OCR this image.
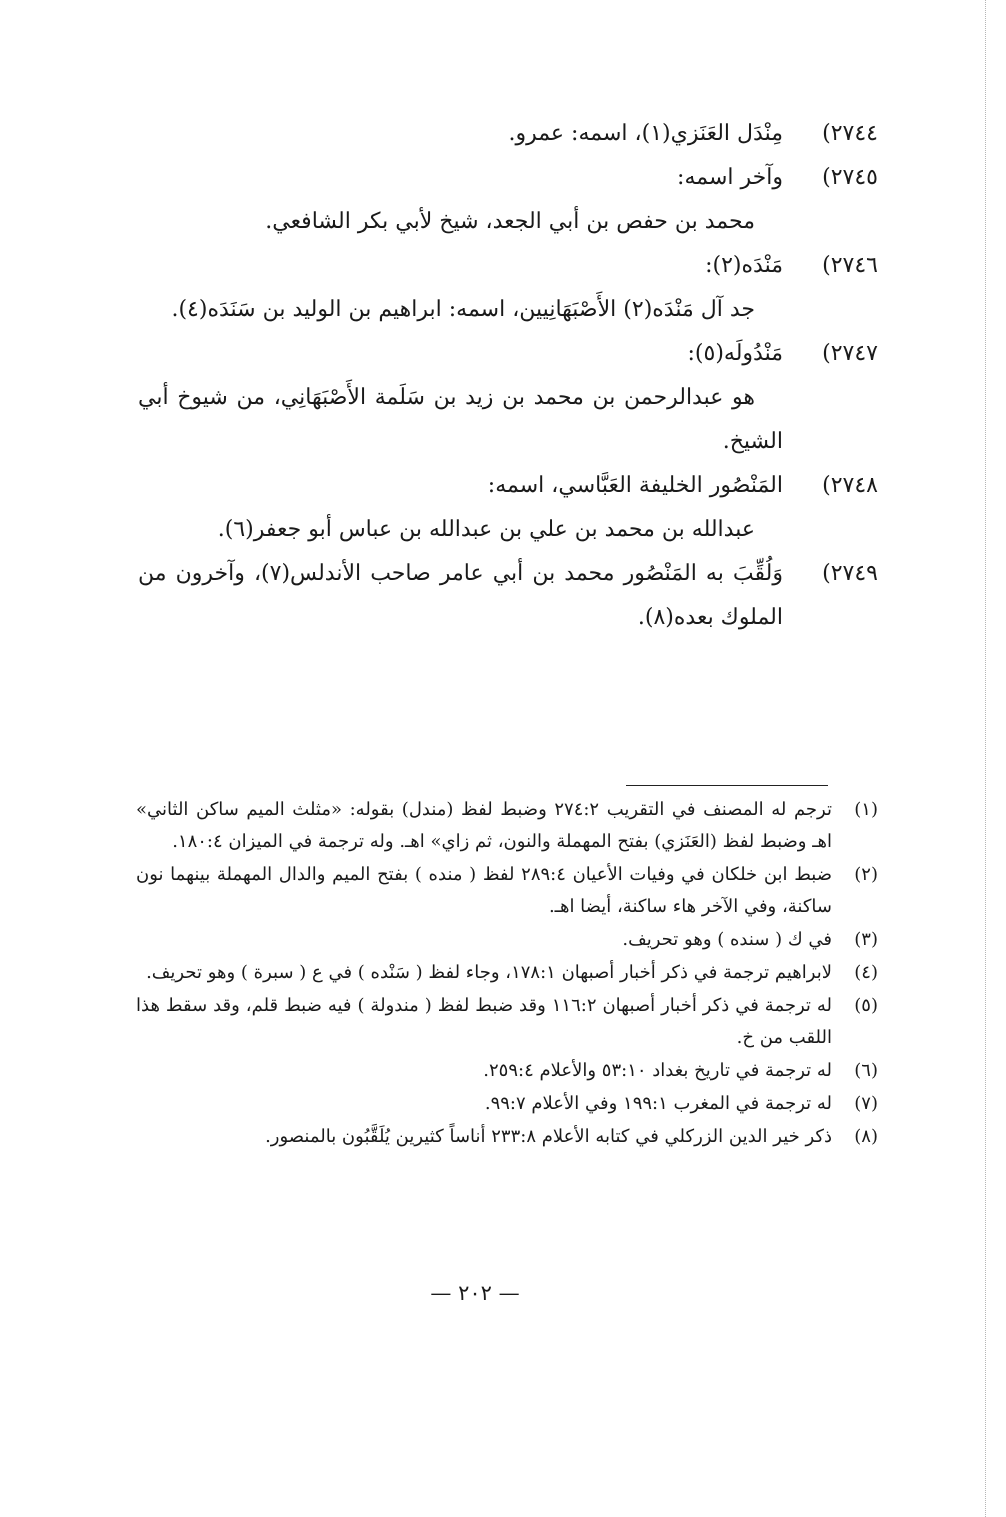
٢٧٤٤)
مِنْدَل العَنَزي(١)، اسمه: عمرو.
٢٧٤٥)
وآخر اسمه:
محمد بن حفص بن أبي الجعد، شيخ لأبي بكر الشافعي.
٢٧٤٦)
مَنْدَه(٢):
جد آل مَنْدَه(٢) الأَصْبَهَانِيين، اسمه: ابراهيم بن الوليد بن سَنَدَه(٤).
٢٧٤٧)
مَنْدُولَه(٥):
هو عبدالرحمن بن محمد بن زيد بن سَلَمة الأَصْبَهَانِي، من شيوخ أبي الشيخ.
٢٧٤٨)
المَنْصُور الخليفة العَبَّاسي، اسمه:
عبدالله بن محمد بن علي بن عبدالله بن عباس أبو جعفر(٦).
٢٧٤٩)
وَلُقِّبَ به المَنْصُور محمد بن أبي عامر صاحب الأندلس(٧)، وآخرون من الملوك بعده(٨).
(١)
ترجم له المصنف في التقريب ٢٧٤:٢ وضبط لفظ (مندل) بقوله: «مثلث الميم ساكن الثاني» اهـ وضبط لفظ (العَنَزي) بفتح المهملة والنون، ثم زاي» اهـ. وله ترجمة في الميزان ١٨٠:٤.
(٢)
ضبط ابن خلكان في وفيات الأعيان ٢٨٩:٤ لفظ ( منده ) بفتح الميم والدال المهملة بينهما نون ساكنة، وفي الآخر هاء ساكنة، أيضا اهـ.
(٣)
في ك ( سنده ) وهو تحريف.
(٤)
لابراهيم ترجمة في ذكر أخبار أصبهان ١٧٨:١، وجاء لفظ ( سَنْده ) في ع ( سبرة ) وهو تحريف.
(٥)
له ترجمة في ذكر أخبار أصبهان ١١٦:٢ وقد ضبط لفظ ( مندولة ) فيه ضبط قلم، وقد سقط هذا اللقب من خ.
(٦)
له ترجمة في تاريخ بغداد ٥٣:١٠ والأعلام ٢٥٩:٤.
(٧)
له ترجمة في المغرب ١٩٩:١ وفي الأعلام ٩٩:٧.
(٨)
ذكر خير الدين الزركلي في كتابه الأعلام ٢٣٣:٨ أناساً كثيرين يُلَقَّبُون بالمنصور.
— ٢٠٢ —
